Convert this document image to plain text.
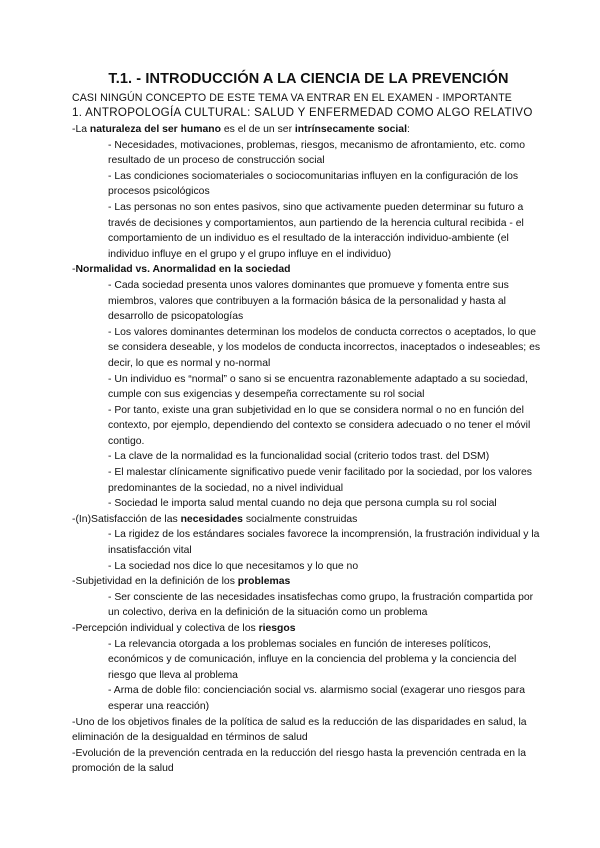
T.1. - INTRODUCCIÓN A LA CIENCIA DE LA PREVENCIÓN
CASI NINGÚN CONCEPTO DE ESTE TEMA VA ENTRAR EN EL EXAMEN - IMPORTANTE
1. ANTROPOLOGÍA CULTURAL: SALUD Y ENFERMEDAD COMO ALGO RELATIVO
-La naturaleza del ser humano es el de un ser intrínsecamente social:
- Necesidades, motivaciones, problemas, riesgos, mecanismo de afrontamiento, etc. como resultado de un proceso de construcción social
- Las condiciones sociomateriales o sociocomunitarias influyen en la configuración de los procesos psicológicos
- Las personas no son entes pasivos, sino que activamente pueden determinar su futuro a través de decisiones y comportamientos, aun partiendo de la herencia cultural recibida - el comportamiento de un individuo es el resultado de la interacción individuo-ambiente (el individuo influye en el grupo y el grupo influye en el individuo)
-Normalidad vs. Anormalidad en la sociedad
- Cada sociedad presenta unos valores dominantes que promueve y fomenta entre sus miembros, valores que contribuyen a la formación básica de la personalidad y hasta al desarrollo de psicopatologías
- Los valores dominantes determinan los modelos de conducta correctos o aceptados, lo que se considera deseable, y los modelos de conducta incorrectos, inaceptados o indeseables; es decir, lo que es normal y no-normal
- Un individuo es “normal” o sano si se encuentra razonablemente adaptado a su sociedad, cumple con sus exigencias y desempeña correctamente su rol social
- Por tanto, existe una gran subjetividad en lo que se considera normal o no en función del contexto, por ejemplo, dependiendo del contexto se considera adecuado o no tener el móvil contigo.
- La clave de la normalidad es la funcionalidad social (criterio todos trast. del DSM)
- El malestar clínicamente significativo puede venir facilitado por la sociedad, por los valores predominantes de la sociedad, no a nivel individual
- Sociedad le importa salud mental cuando no deja que persona cumpla su rol social
-(In)Satisfacción de las necesidades socialmente construidas
- La rigidez de los estándares sociales favorece la incomprensión, la frustración individual y la insatisfacción vital
- La sociedad nos dice lo que necesitamos y lo que no
-Subjetividad en la definición de los problemas
- Ser consciente de las necesidades insatisfechas como grupo, la frustración compartida por un colectivo, deriva en la definición de la situación como un problema
-Percepción individual y colectiva de los riesgos
- La relevancia otorgada a los problemas sociales en función de intereses políticos, económicos y de comunicación, influye en la conciencia del problema y la conciencia del riesgo que lleva al problema
- Arma de doble filo: concienciación social vs. alarmismo social (exagerar uno riesgos para esperar una reacción)
-Uno de los objetivos finales de la política de salud es la reducción de las disparidades en salud, la eliminación de la desigualdad en términos de salud
-Evolución de la prevención centrada en la reducción del riesgo hasta la prevención centrada en la promoción de la salud
